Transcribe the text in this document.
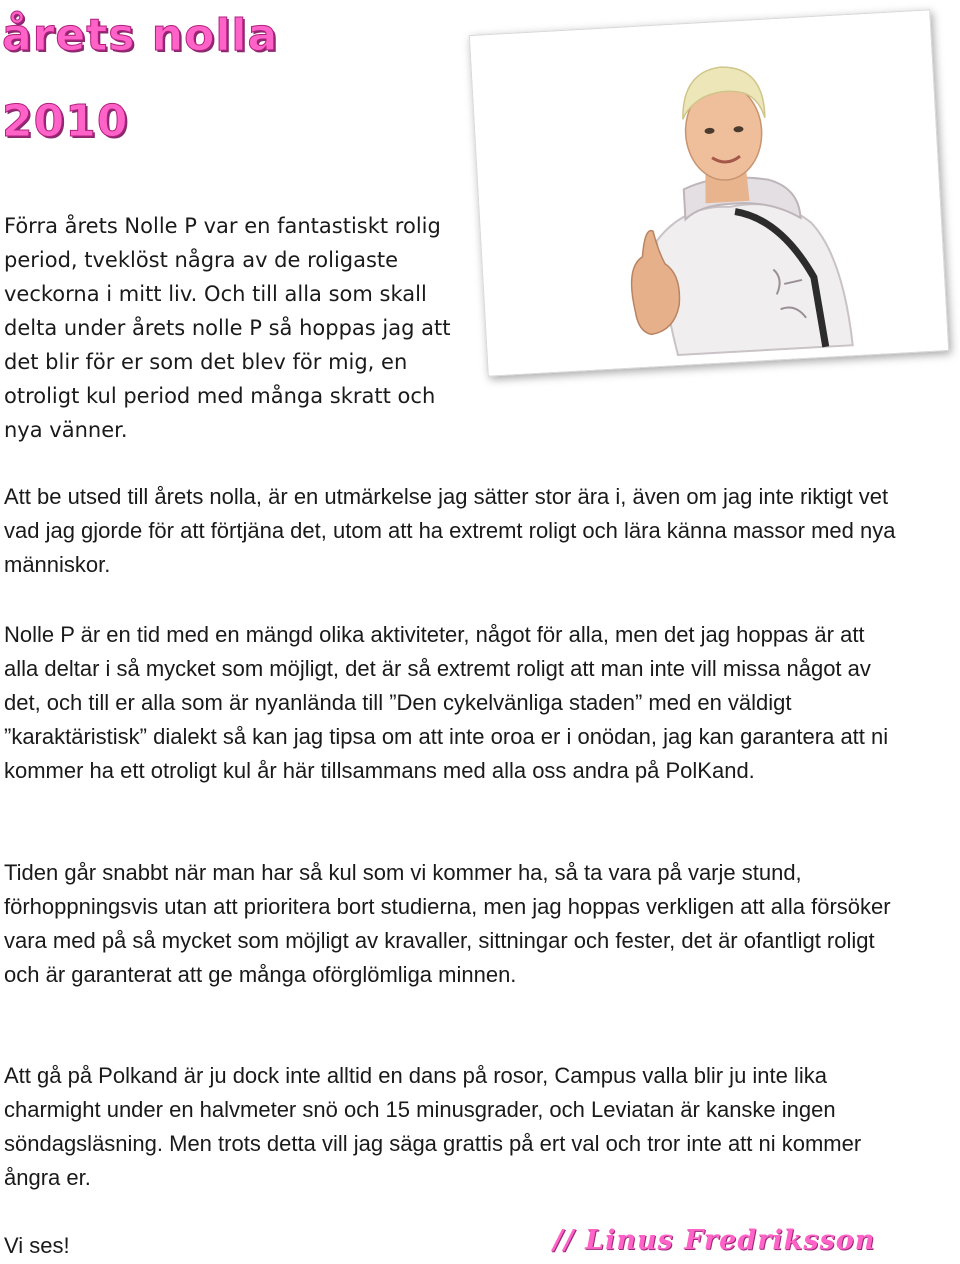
årets nolla
2010

Förra årets Nolle P var en fantastiskt rolig period, tveklöst några av de roligaste veckorna i mitt liv. Och till alla som skall delta under årets nolle P så hoppas jag att det blir för er som det blev för mig, en otroligt kul period med många skratt och nya vänner.

Att be utsed till årets nolla, är en utmärkelse jag sätter stor ära i, även om jag inte riktigt vet vad jag gjorde för att förtjäna det, utom att ha extremt roligt och lära känna massor med nya människor.

Nolle P är en tid med en mängd olika aktiviteter, något för alla, men det jag hoppas är att alla deltar i så mycket som möjligt, det är så extremt roligt att man inte vill missa något av det, och till er alla som är nyanlända till ”Den cykelvänliga staden” med en väldigt ”karaktäristisk” dialekt så kan jag tipsa om att inte oroa er i onödan, jag kan garantera att ni kommer ha ett otroligt kul år här tillsammans med alla oss andra på PolKand.

Tiden går snabbt när man har så kul som vi kommer ha, så ta vara på varje stund, förhoppningsvis utan att prioritera bort studierna, men jag hoppas verkligen att alla försöker vara med på så mycket som möjligt av kravaller, sittningar och fester, det är ofantligt roligt och är garanterat att ge många oförglömliga minnen.

Att gå på Polkand är ju dock inte alltid en dans på rosor, Campus valla blir ju inte lika charmight under en halvmeter snö och 15 minusgrader, och Leviatan är kanske ingen söndagsläsning. Men trots detta vill jag säga grattis på ert val och tror inte att ni kommer ångra er.

Vi ses!	// Linus Fredriksson
